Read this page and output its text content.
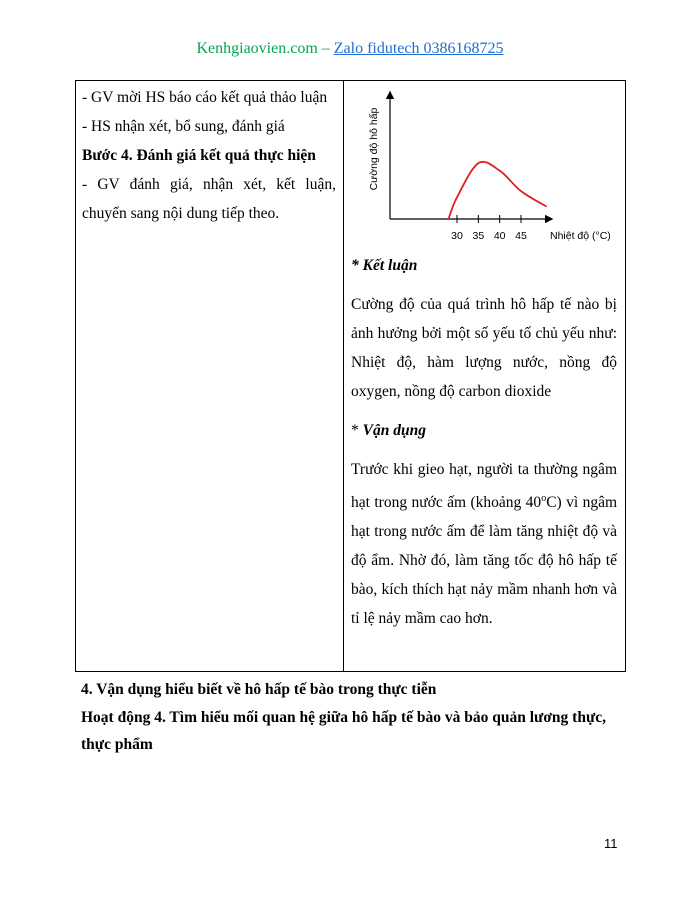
Kenhgiaovien.com – Zalo fidutech 0386168725

- GV mời HS báo cáo kết quả thảo luận

- HS nhận xét, bổ sung, đánh giá

Bước 4. Đánh giá kết quả thực hiện

- GV đánh giá, nhận xét, kết luận, chuyển sang nội dung tiếp theo.

Cường độ hô hấp
30 35 40 45 Nhiệt độ (°C)

* Kết luận

Cường độ của quá trình hô hấp tế nào bị ảnh hưởng bởi một số yếu tố chủ yếu như: Nhiệt độ, hàm lượng nước, nồng độ oxygen, nồng độ carbon dioxide

* Vận dụng

Trước khi gieo hạt, người ta thường ngâm hạt trong nước ấm (khoảng 40$^o$C) vì ngâm hạt trong nước ấm để làm tăng nhiệt độ và độ ẩm. Nhờ đó, làm tăng tốc độ hô hấp tế bào, kích thích hạt nảy mầm nhanh hơn và tỉ lệ nảy mầm cao hơn.

4. Vận dụng hiểu biết về hô hấp tế bào trong thực tiễn
Hoạt động 4. Tìm hiểu mối quan hệ giữa hô hấp tế bào và bảo quản lương thực, thực phẩm
11
